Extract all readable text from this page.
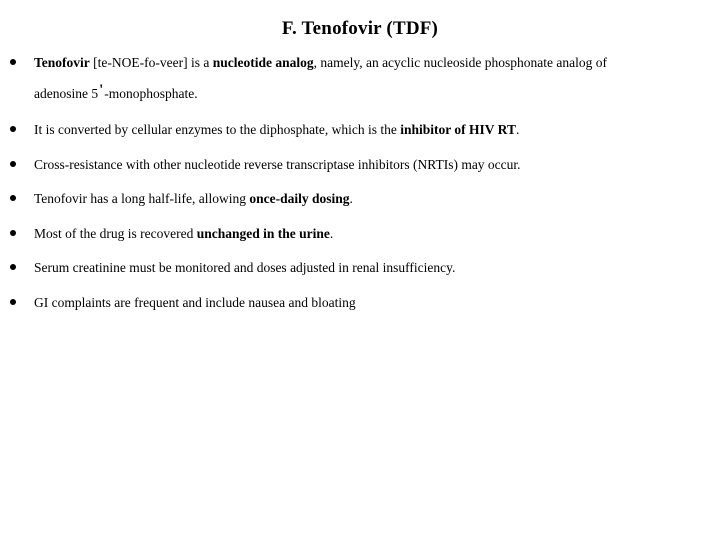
F. Tenofovir (TDF)
Tenofovir [te-NOE-fo-veer] is a nucleotide analog, namely, an acyclic nucleoside phosphonate analog of
adenosine 5'-monophosphate.
It is converted by cellular enzymes to the diphosphate, which is the inhibitor of HIV RT.
Cross-resistance with other nucleotide reverse transcriptase inhibitors (NRTIs) may occur.
Tenofovir has a long half-life, allowing once-daily dosing.
Most of the drug is recovered unchanged in the urine.
Serum creatinine must be monitored and doses adjusted in renal insufficiency.
GI complaints are frequent and include nausea and bloating
